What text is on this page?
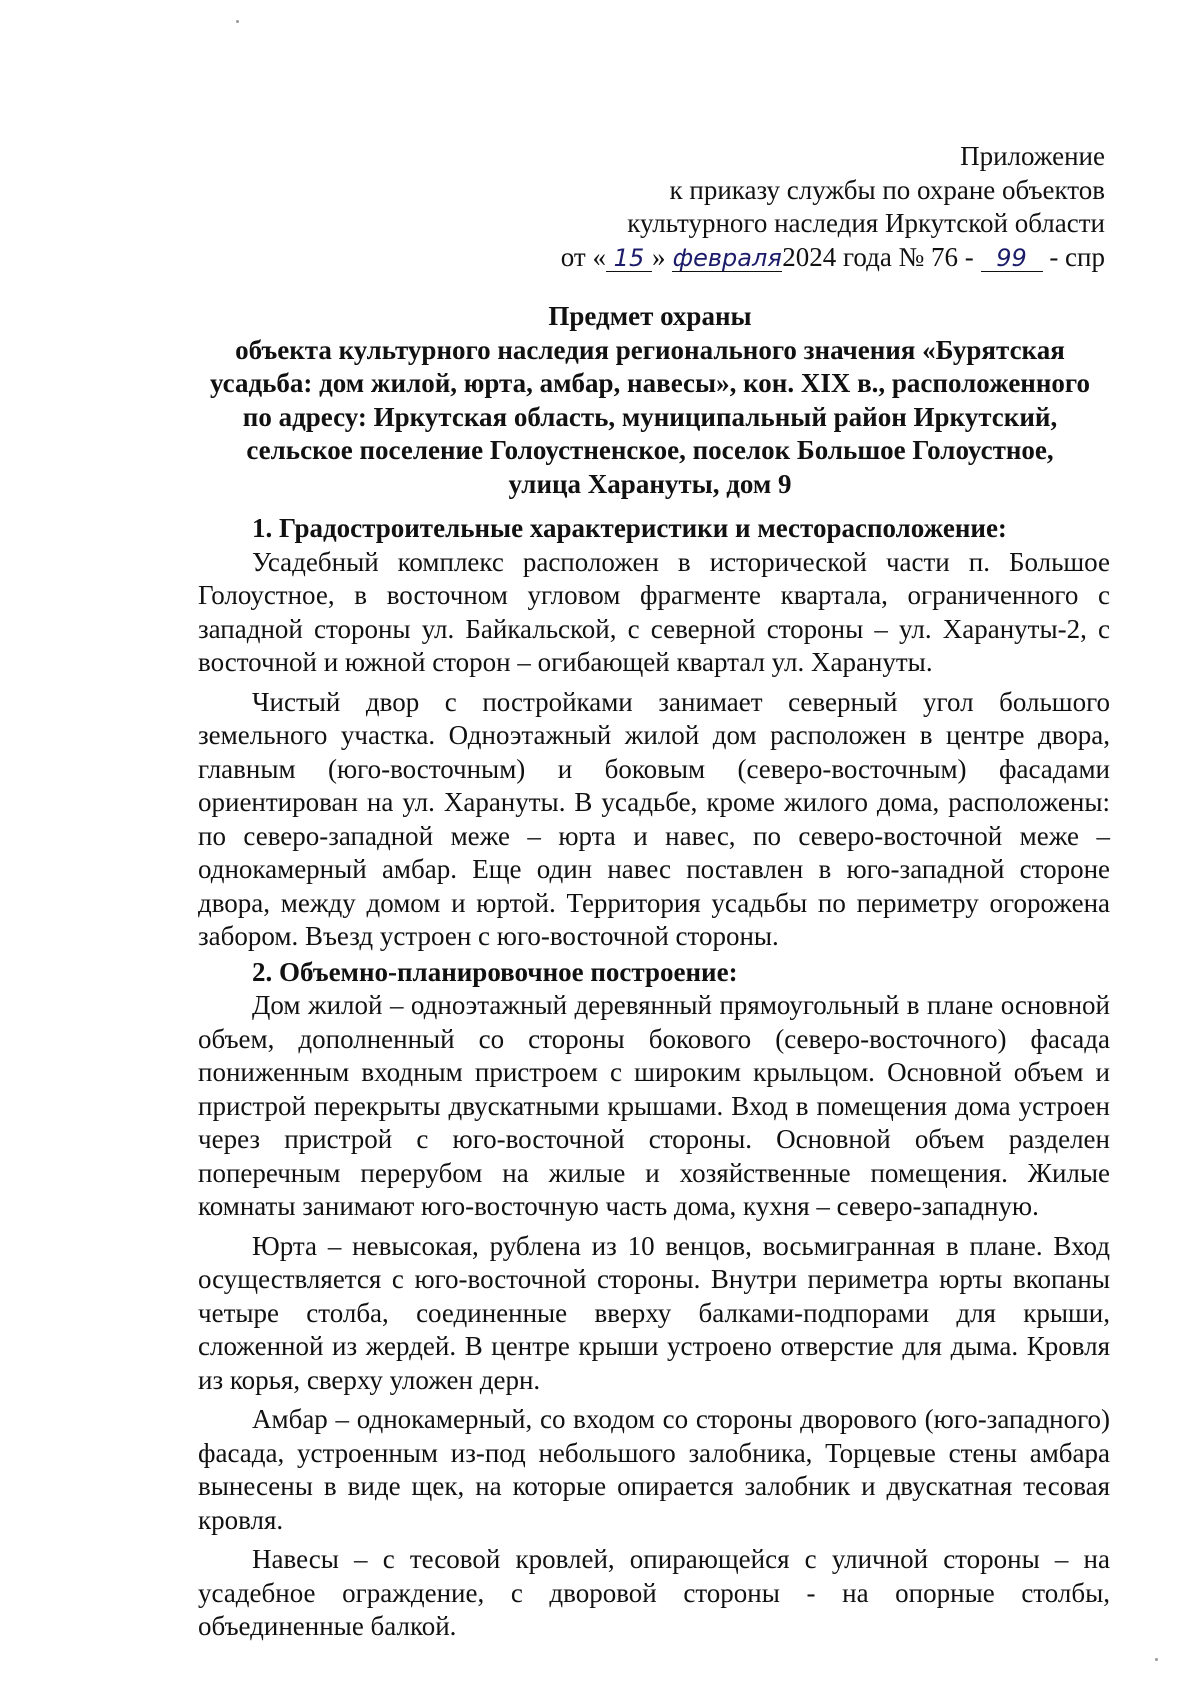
Приложение
к приказу службы по охране объектов
культурного наследия Иркутской области
от « 15 » февраля2024 года № 76 - 99 - спр
Предмет охраны
объекта культурного наследия регионального значения «Бурятская
усадьба: дом жилой, юрта, амбар, навесы», кон. XIX в., расположенного
по адресу: Иркутская область, муниципальный район Иркутский,
сельское поселение Голоустненское, поселок Большое Голоустное,
улица Харануты, дом 9

1. Градостроительные характеристики и месторасположение:

Усадебный комплекс расположен в исторической части п. Большое Голоустное, в восточном угловом фрагменте квартала, ограниченного с западной стороны ул. Байкальской, с северной стороны – ул. Харануты-2, с восточной и южной сторон – огибающей квартал ул. Харануты.

Чистый двор с постройками занимает северный угол большого земельного участка. Одноэтажный жилой дом расположен в центре двора, главным (юго-восточным) и боковым (северо-восточным) фасадами ориентирован на ул. Харануты. В усадьбе, кроме жилого дома, расположены: по северо-западной меже – юрта и навес, по северо-восточной меже – однокамерный амбар. Еще один навес поставлен в юго-западной стороне двора, между домом и юртой. Территория усадьбы по периметру огорожена забором. Въезд устроен с юго-восточной стороны.

2. Объемно-планировочное построение:

Дом жилой – одноэтажный деревянный прямоугольный в плане основной объем, дополненный со стороны бокового (северо-восточного) фасада пониженным входным пристроем с широким крыльцом. Основной объем и пристрой перекрыты двускатными крышами. Вход в помещения дома устроен через пристрой с юго-восточной стороны. Основной объем разделен поперечным перерубом на жилые и хозяйственные помещения. Жилые комнаты занимают юго-восточную часть дома, кухня – северо-западную.

Юрта – невысокая, рублена из 10 венцов, восьмигранная в плане. Вход осуществляется с юго-восточной стороны. Внутри периметра юрты вкопаны четыре столба, соединенные вверху балками-подпорами для крыши, сложенной из жердей. В центре крыши устроено отверстие для дыма. Кровля из корья, сверху уложен дерн.

Амбар – однокамерный, со входом со стороны дворового (юго-западного) фасада, устроенным из-под небольшого залобника, Торцевые стены амбара вынесены в виде щек, на которые опирается залобник и двускатная тесовая кровля.

Навесы – с тесовой кровлей, опирающейся с уличной стороны – на усадебное ограждение, с дворовой стороны - на опорные столбы, объединенные балкой.
